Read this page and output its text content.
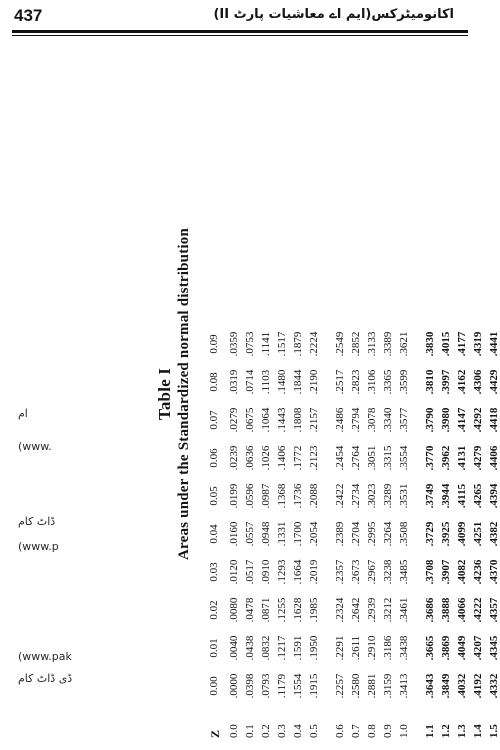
437	اکانومیٹرکس(ایم اے معاشیات پارٹ II)
Table I Areas under the Standardized normal distribution
Z
0.00
0.01
0.02
0.03
0.04
0.05
0.06
0.07
0.08
0.09
0.0
.0000
.0040
.0080
.0120
.0160
.0199
.0239
.0279
.0319
.0359
0.1
.0398
.0438
.0478
.0517
.0557
.0596
.0636
.0675
.0714
.0753
0.2
.0793
.0832
.0871
.0910
.0948
.0987
.1026
.1064
.1103
.1141
0.3
.1179
.1217
.1255
.1293
.1331
.1368
.1406
.1443
.1480
.1517
0.4
.1554
.1591
.1628
.1664
.1700
.1736
.1772
.1808
.1844
.1879
0.5
.1915
.1950
.1985
.2019
.2054
.2088
.2123
.2157
.2190
.2224
0.6
.2257
.2291
.2324
.2357
.2389
.2422
.2454
.2486
.2517
.2549
0.7
.2580
.2611
.2642
.2673
.2704
.2734
.2764
.2794
.2823
.2852
0.8
.2881
.2910
.2939
.2967
.2995
.3023
.3051
.3078
.3106
.3133
0.9
.3159
.3186
.3212
.3238
.3264
.3289
.3315
.3340
.3365
.3389
1.0
.3413
.3438
.3461
.3485
.3508
.3531
.3554
.3577
.3599
.3621
1.1
.3643
.3665
.3686
.3708
.3729
.3749
.3770
.3790
.3810
.3830
1.2
.3849
.3869
.3888
.3907
.3925
.3944
.3962
.3980
.3997
.4015
1.3
.4032
.4049
.4066
.4082
.4099
.4115
.4131
.4147
.4162
.4177
1.4
.4192
.4207
.4222
.4236
.4251
.4265
.4279
.4292
.4306
.4319
1.5
.4332
.4345
.4357
.4370
.4382
.4394
.4406
.4418
.4429
.4441
ام
(www.
ڈاٹ کام
(www.p
(www.pak
ڈی ڈاٹ کام
